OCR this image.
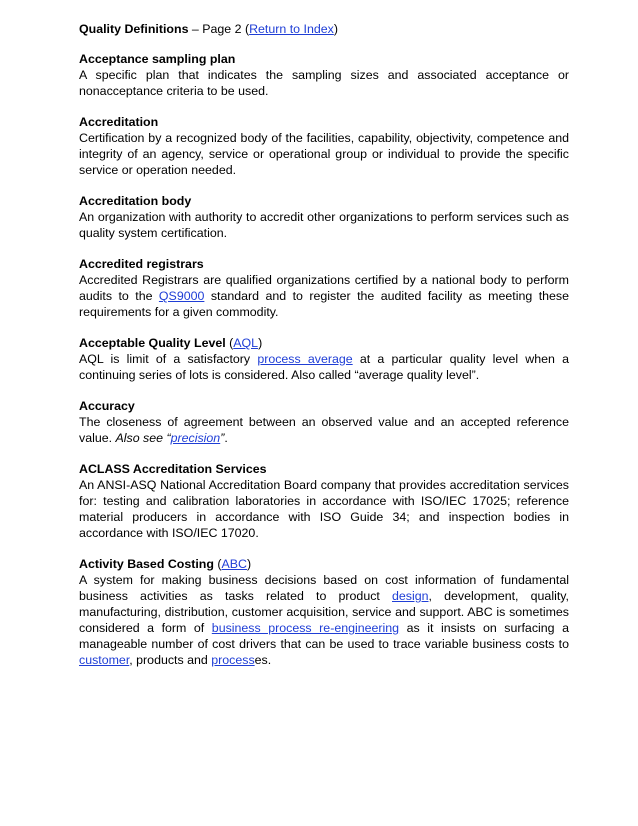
Quality Definitions – Page 2 (Return to Index)
Acceptance sampling plan
A specific plan that indicates the sampling sizes and associated acceptance or nonacceptance criteria to be used.
Accreditation
Certification by a recognized body of the facilities, capability, objectivity, competence and integrity of an agency, service or operational group or individual to provide the specific service or operation needed.
Accreditation body
An organization with authority to accredit other organizations to perform services such as quality system certification.
Accredited registrars
Accredited Registrars are qualified organizations certified by a national body to perform audits to the QS9000 standard and to register the audited facility as meeting these requirements for a given commodity.
Acceptable Quality Level (AQL)
AQL is limit of a satisfactory process average at a particular quality level when a continuing series of lots is considered. Also called “average quality level”.
Accuracy
The closeness of agreement between an observed value and an accepted reference value. Also see “precision”.
ACLASS Accreditation Services
An ANSI-ASQ National Accreditation Board company that provides accreditation services for: testing and calibration laboratories in accordance with ISO/IEC 17025; reference material producers in accordance with ISO Guide 34; and inspection bodies in accordance with ISO/IEC 17020.
Activity Based Costing (ABC)
A system for making business decisions based on cost information of fundamental business activities as tasks related to product design, development, quality, manufacturing, distribution, customer acquisition, service and support. ABC is sometimes considered a form of business process re-engineering as it insists on surfacing a manageable number of cost drivers that can be used to trace variable business costs to customer, products and processes.
